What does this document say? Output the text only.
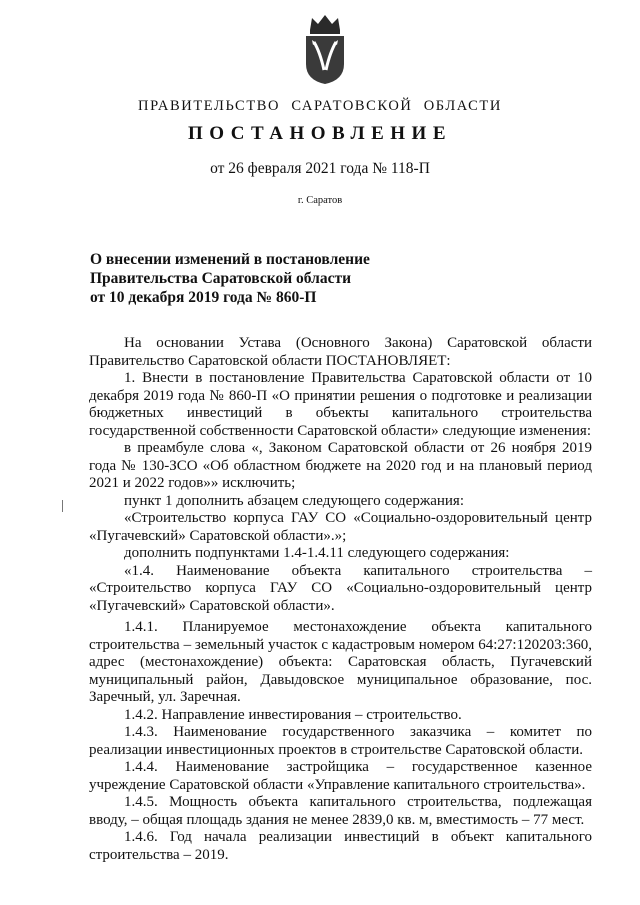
ПРАВИТЕЛЬСТВО САРАТОВСКОЙ ОБЛАСТИ
ПОСТАНОВЛЕНИЕ
от 26 февраля 2021 года № 118-П
г. Саратов
О внесении изменений в постановление
Правительства Саратовской области
от 10 декабря 2019 года № 860-П

На основании Устава (Основного Закона) Саратовской области Правительство Саратовской области ПОСТАНОВЛЯЕТ:

1. Внести в постановление Правительства Саратовской области от 10 декабря 2019 года № 860-П «О принятии решения о подготовке и реализации бюджетных инвестиций в объекты капитального строительства государственной собственности Саратовской области» следующие изменения:

в преамбуле слова «, Законом Саратовской области от 26 ноября 2019 года № 130-ЗСО «Об областном бюджете на 2020 год и на плановый период 2021 и 2022 годов»» исключить;

пункт 1 дополнить абзацем следующего содержания:

«Строительство корпуса ГАУ СО «Социально-оздоровительный центр «Пугачевский» Саратовской области».»;

дополнить подпунктами 1.4-1.4.11 следующего содержания:

«1.4. Наименование объекта капитального строительства – «Строительство корпуса ГАУ СО «Социально-оздоровительный центр «Пугачевский» Саратовской области».

1.4.1. Планируемое местонахождение объекта капитального строительства – земельный участок с кадастровым номером 64:27:120203:360, адрес (местонахождение) объекта: Саратовская область, Пугачевский муниципальный район, Давыдовское муниципальное образование, пос. Заречный, ул. Заречная.

1.4.2. Направление инвестирования – строительство.

1.4.3. Наименование государственного заказчика – комитет по реализации инвестиционных проектов в строительстве Саратовской области.

1.4.4. Наименование застройщика – государственное казенное учреждение Саратовской области «Управление капитального строительства».

1.4.5. Мощность объекта капитального строительства, подлежащая вводу, – общая площадь здания не менее 2839,0 кв. м, вместимость – 77 мест.

1.4.6. Год начала реализации инвестиций в объект капитального строительства – 2019.
